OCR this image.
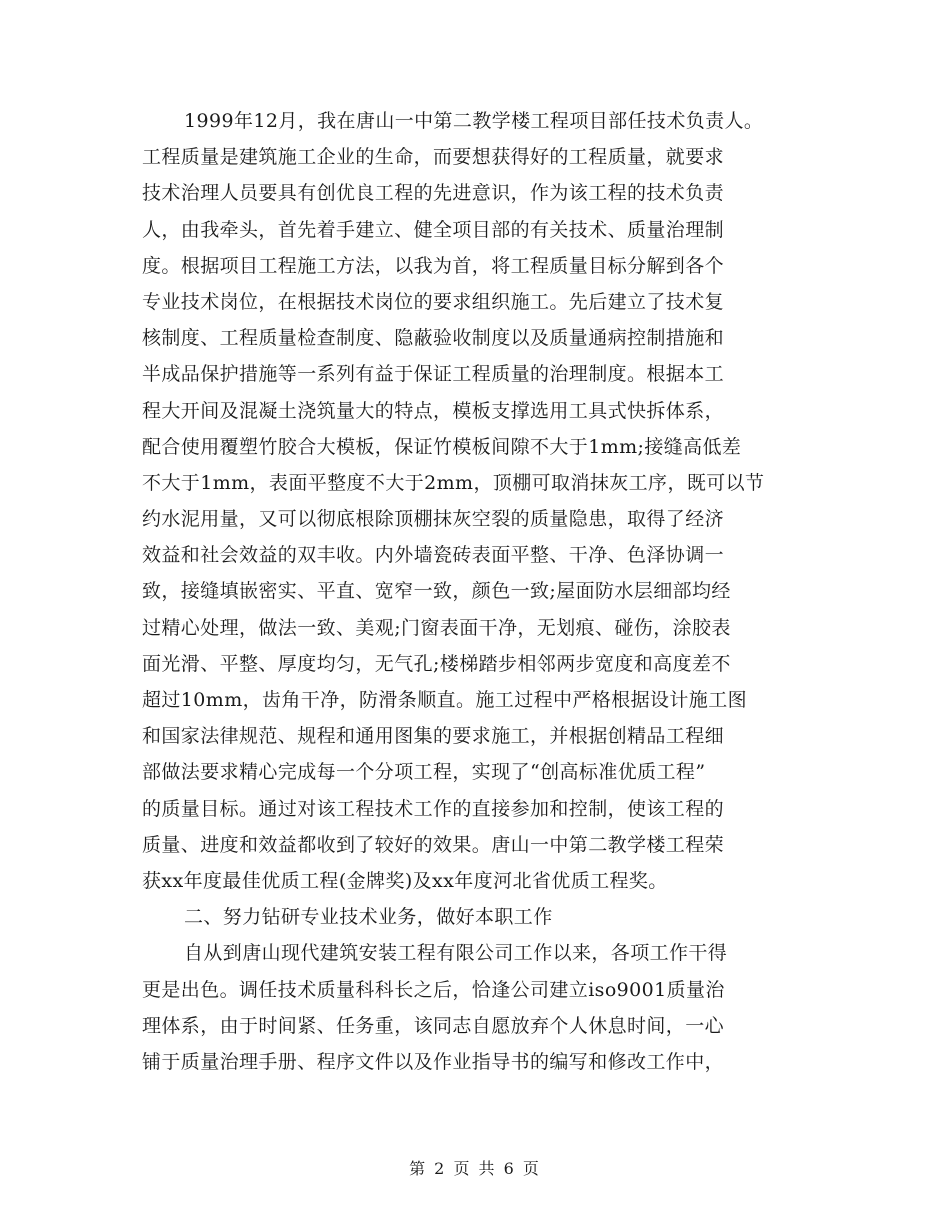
1999年12月，我在唐山一中第二教学楼工程项目部任技术负责人。
工程质量是建筑施工企业的生命，而要想获得好的工程质量，就要求
技术治理人员要具有创优良工程的先进意识，作为该工程的技术负责
人，由我牵头，首先着手建立、健全项目部的有关技术、质量治理制
度。根据项目工程施工方法，以我为首，将工程质量目标分解到各个
专业技术岗位，在根据技术岗位的要求组织施工。先后建立了技术复
核制度、工程质量检查制度、隐蔽验收制度以及质量通病控制措施和
半成品保护措施等一系列有益于保证工程质量的治理制度。根据本工
程大开间及混凝土浇筑量大的特点，模板支撑选用工具式快拆体系，
配合使用覆塑竹胶合大模板，保证竹模板间隙不大于1mm;接缝高低差
不大于1mm，表面平整度不大于2mm，顶棚可取消抹灰工序，既可以节
约水泥用量，又可以彻底根除顶棚抹灰空裂的质量隐患，取得了经济
效益和社会效益的双丰收。内外墙瓷砖表面平整、干净、色泽协调一
致，接缝填嵌密实、平直、宽窄一致，颜色一致;屋面防水层细部均经
过精心处理，做法一致、美观;门窗表面干净，无划痕、碰伤，涂胶表
面光滑、平整、厚度均匀，无气孔;楼梯踏步相邻两步宽度和高度差不
超过10mm，齿角干净，防滑条顺直。施工过程中严格根据设计施工图
和国家法律规范、规程和通用图集的要求施工，并根据创精品工程细
部做法要求精心完成每一个分项工程，实现了“创高标准优质工程”
的质量目标。通过对该工程技术工作的直接参加和控制，使该工程的
质量、进度和效益都收到了较好的效果。唐山一中第二教学楼工程荣
获xx年度最佳优质工程(金牌奖)及xx年度河北省优质工程奖。
二、努力钻研专业技术业务，做好本职工作
自从到唐山现代建筑安装工程有限公司工作以来，各项工作干得
更是出色。调任技术质量科科长之后，恰逢公司建立iso9001质量治
理体系，由于时间紧、任务重，该同志自愿放弃个人休息时间，一心
铺于质量治理手册、程序文件以及作业指导书的编写和修改工作中，
第 2 页 共 6 页
